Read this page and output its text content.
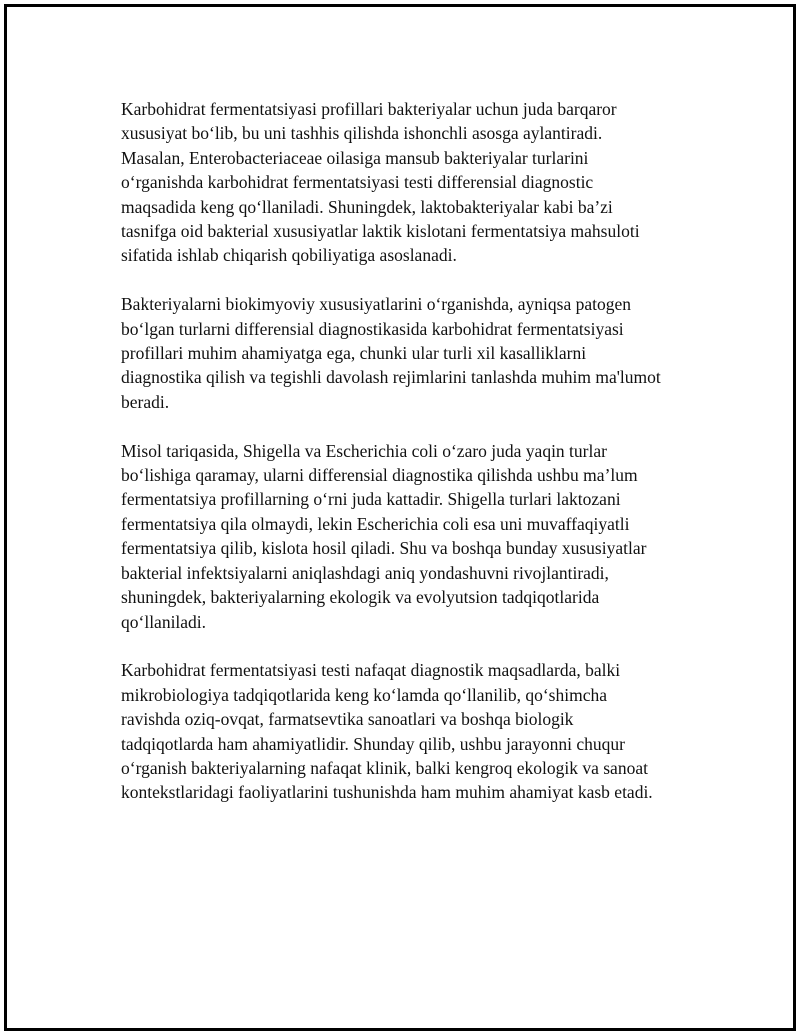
Karbohidrat fermentatsiyasi profillari bakteriyalar uchun juda barqaror
xususiyat bo‘lib, bu uni tashhis qilishda ishonchli asosga aylantiradi.
Masalan, Enterobacteriaceae oilasiga mansub bakteriyalar turlarini
o‘rganishda karbohidrat fermentatsiyasi testi differensial diagnostic
maqsadida keng qo‘llaniladi. Shuningdek, laktobakteriyalar kabi ba’zi
tasnifga oid bakterial xususiyatlar laktik kislotani fermentatsiya mahsuloti
sifatida ishlab chiqarish qobiliyatiga asoslanadi.

Bakteriyalarni biokimyoviy xususiyatlarini o‘rganishda, ayniqsa patogen
bo‘lgan turlarni differensial diagnostikasida karbohidrat fermentatsiyasi
profillari muhim ahamiyatga ega, chunki ular turli xil kasalliklarni
diagnostika qilish va tegishli davolash rejimlarini tanlashda muhim ma'lumot
beradi.

Misol tariqasida, Shigella va Escherichia coli o‘zaro juda yaqin turlar
bo‘lishiga qaramay, ularni differensial diagnostika qilishda ushbu ma’lum
fermentatsiya profillarning o‘rni juda kattadir. Shigella turlari laktozani
fermentatsiya qila olmaydi, lekin Escherichia coli esa uni muvaffaqiyatli
fermentatsiya qilib, kislota hosil qiladi. Shu va boshqa bunday xususiyatlar
bakterial infektsiyalarni aniqlashdagi aniq yondashuvni rivojlantiradi,
shuningdek, bakteriyalarning ekologik va evolyutsion tadqiqotlarida
qo‘llaniladi.

Karbohidrat fermentatsiyasi testi nafaqat diagnostik maqsadlarda, balki
mikrobiologiya tadqiqotlarida keng ko‘lamda qo‘llanilib, qo‘shimcha
ravishda oziq-ovqat, farmatsevtika sanoatlari va boshqa biologik
tadqiqotlarda ham ahamiyatlidir. Shunday qilib, ushbu jarayonni chuqur
o‘rganish bakteriyalarning nafaqat klinik, balki kengroq ekologik va sanoat
kontekstlaridagi faoliyatlarini tushunishda ham muhim ahamiyat kasb etadi.
